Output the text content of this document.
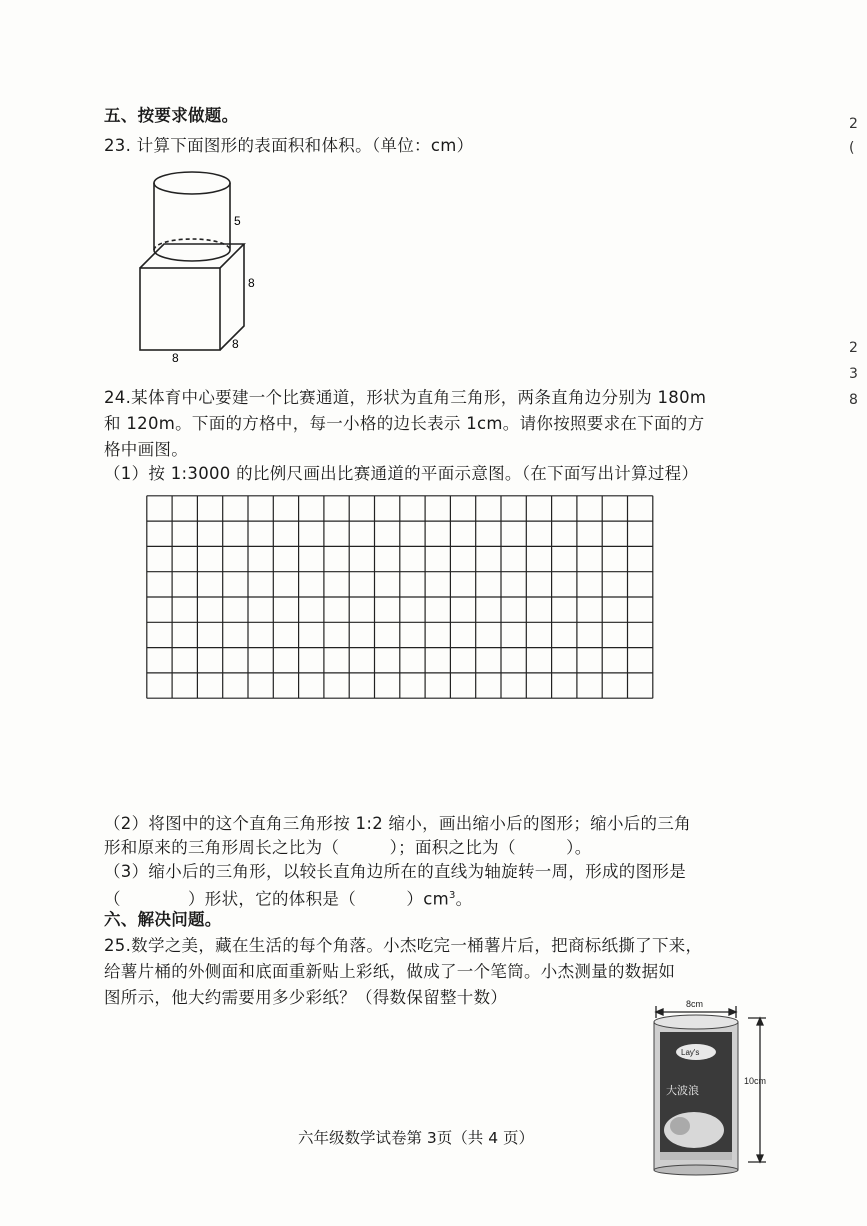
五、按要求做题。
23. 计算下面图形的表面积和体积。（单位：cm）
5
8
8
8
24.某体育中心要建一个比赛通道，形状为直角三角形，两条直角边分别为 180m
和 120m。下面的方格中，每一小格的边长表示 1cm。请你按照要求在下面的方
格中画图。
（1）按 1:3000 的比例尺画出比赛通道的平面示意图。（在下面写出计算过程）
（2）将图中的这个直角三角形按 1:2 缩小，画出缩小后的图形；缩小后的三角
形和原来的三角形周长之比为（　　　）；面积之比为（　　　）。
（3）缩小后的三角形，以较长直角边所在的直线为轴旋转一周，形成的图形是
（　　　　）形状，它的体积是（　　　）$cm^3$。
六、解决问题。
25.数学之美，藏在生活的每个角落。小杰吃完一桶薯片后，把商标纸撕了下来，
给薯片桶的外侧面和底面重新贴上彩纸，做成了一个笔筒。小杰测量的数据如
图所示，他大约需要用多少彩纸？（得数保留整十数）	8cm
10cm
Lay's
大波浪
2
(
2
3
8
六年级数学试卷第 3页（共 4 页）
